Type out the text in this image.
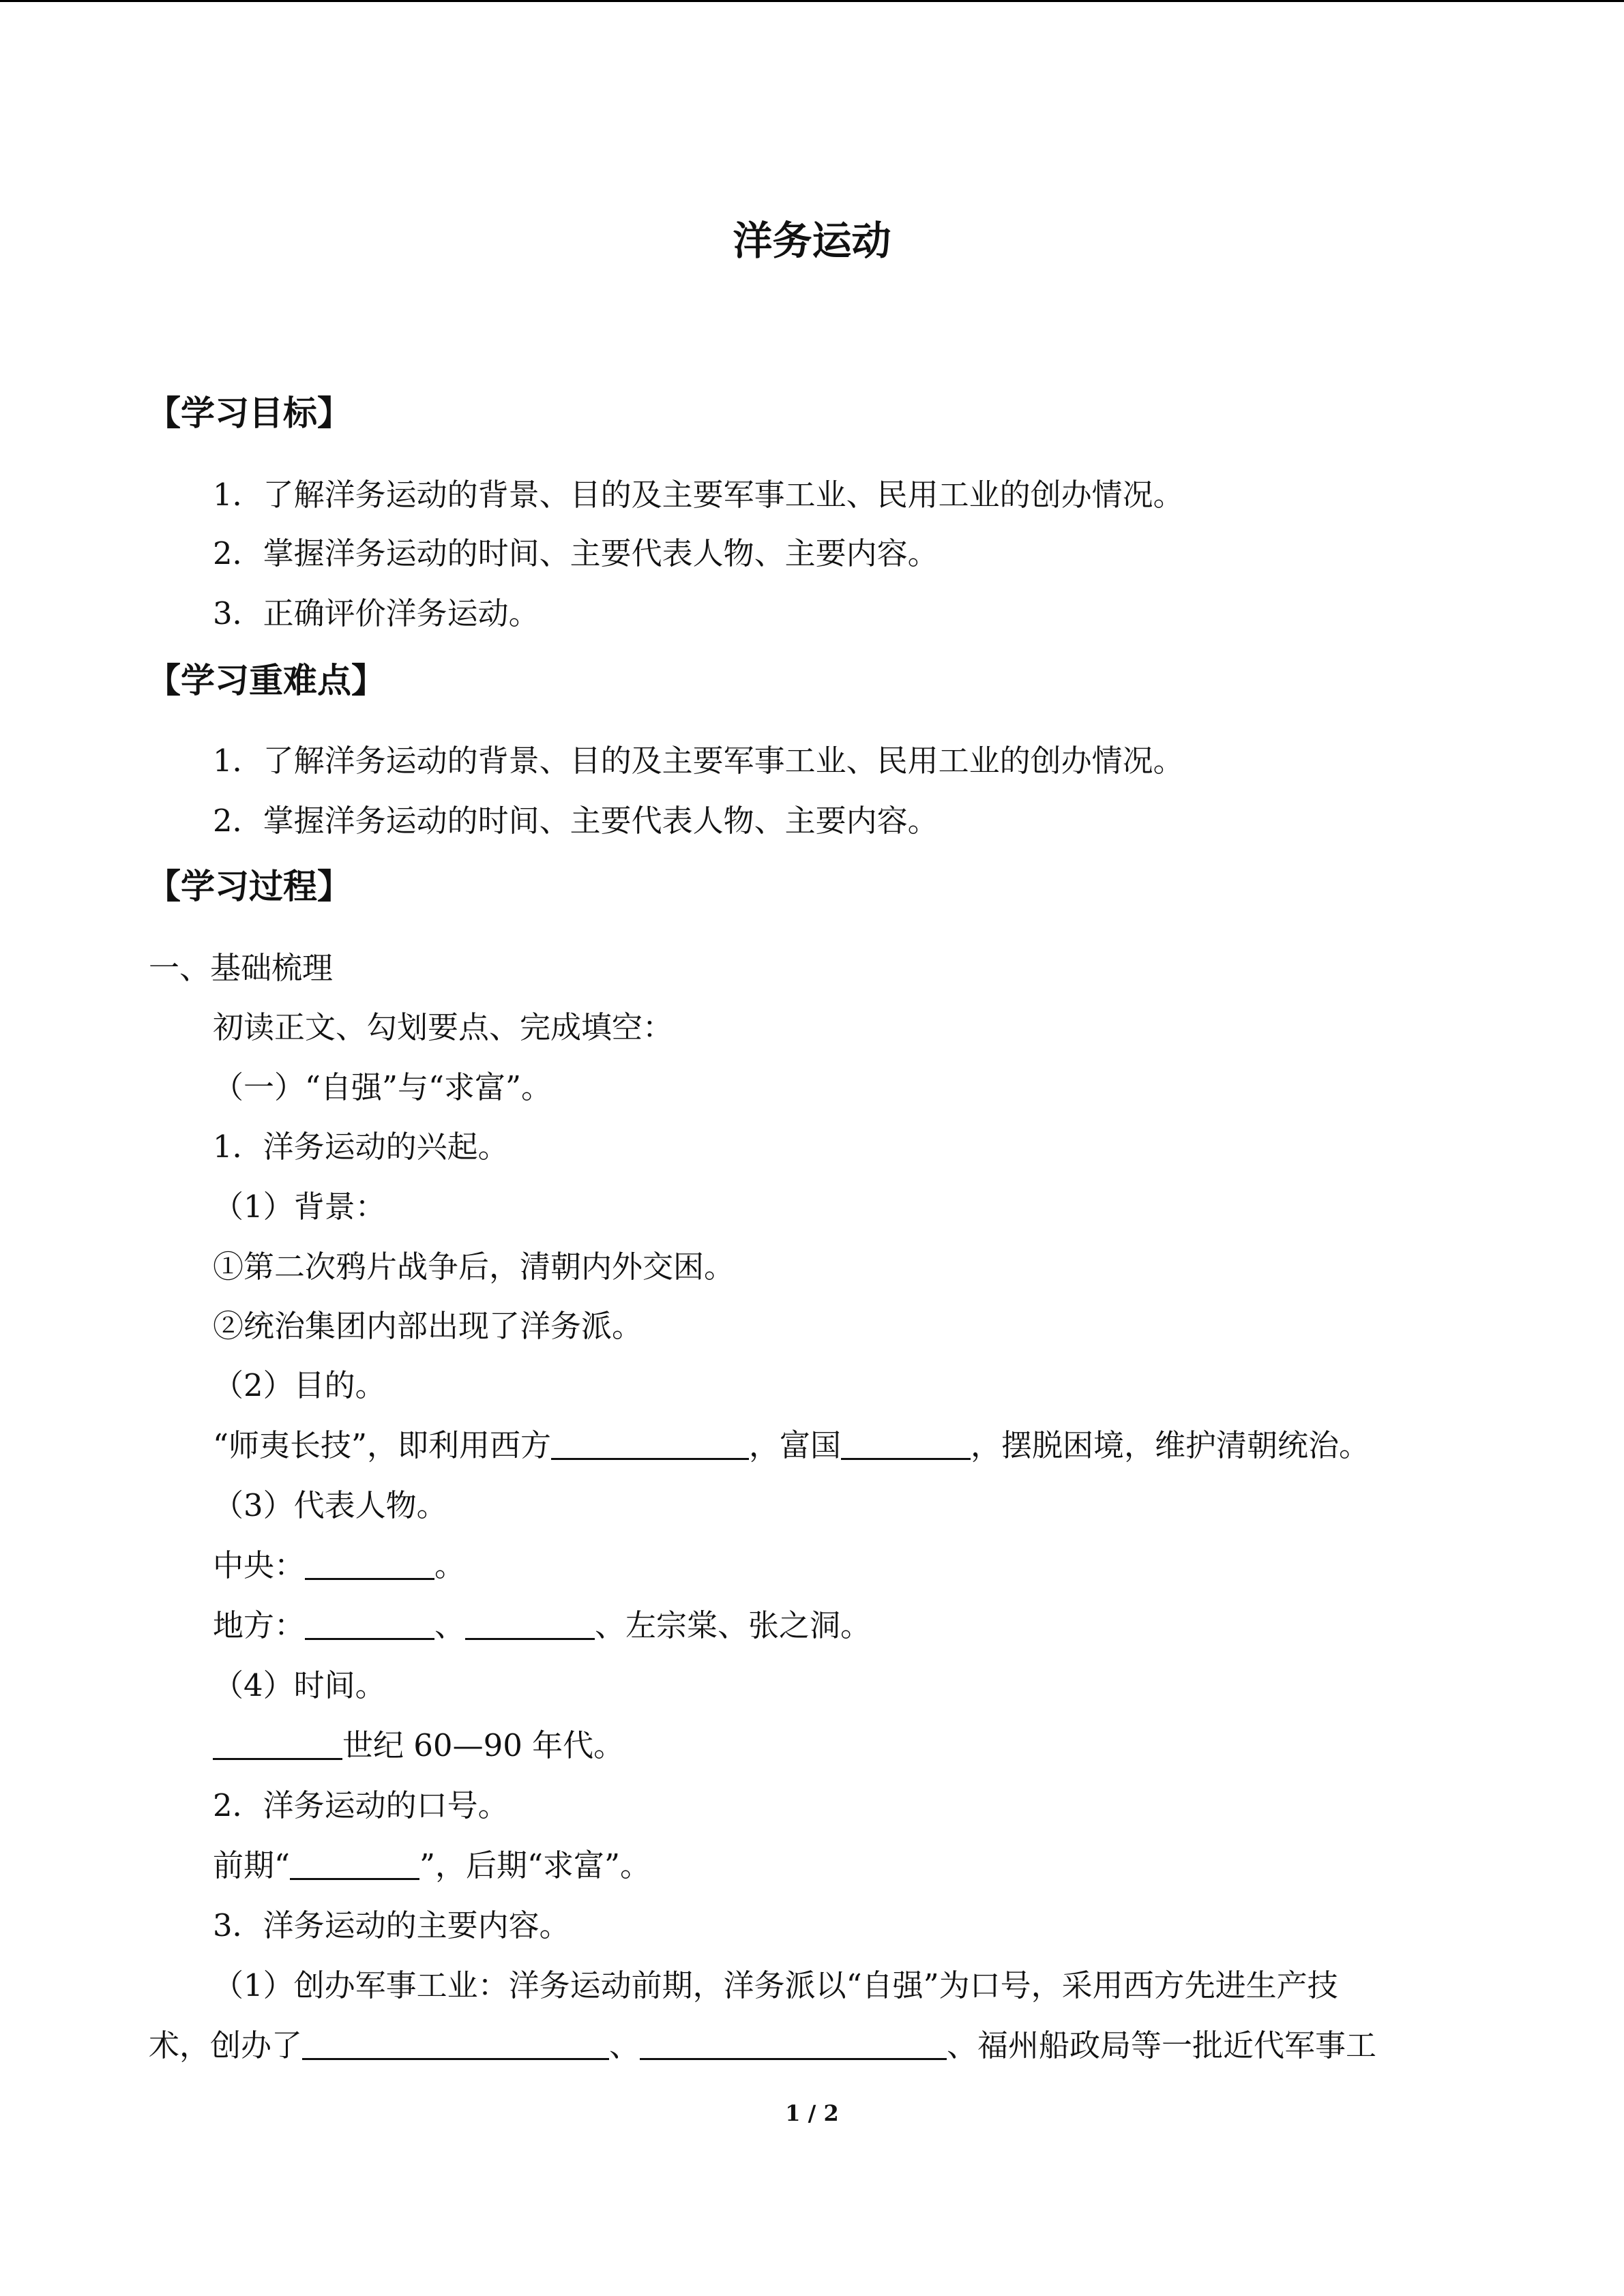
洋务运动
【学习目标】

1．了解洋务运动的背景、目的及主要军事工业、民用工业的创办情况。

2．掌握洋务运动的时间、主要代表人物、主要内容。

3．正确评价洋务运动。

【学习重难点】

1．了解洋务运动的背景、目的及主要军事工业、民用工业的创办情况。

2．掌握洋务运动的时间、主要代表人物、主要内容。

【学习过程】

一、基础梳理

初读正文、勾划要点、完成填空：

（一）“自强”与“求富”。

1．洋务运动的兴起。

（1）背景：

①第二次鸦片战争后，清朝内外交困。

②统治集团内部出现了洋务派。

（2）目的。

“师夷长技”，即利用西方	，富国	，摆脱困境，维护清朝统治。

（3）代表人物。

中央：	。

地方：	、	、左宗棠、张之洞。

（4）时间。

世纪 60—90 年代。

2．洋务运动的口号。

前期“	”，后期“求富”。

3．洋务运动的主要内容。

（1）创办军事工业：洋务运动前期，洋务派以“自强”为口号，采用西方先进生产技

术，创办了	、	、福州船政局等一批近代军事工

1 / 2
